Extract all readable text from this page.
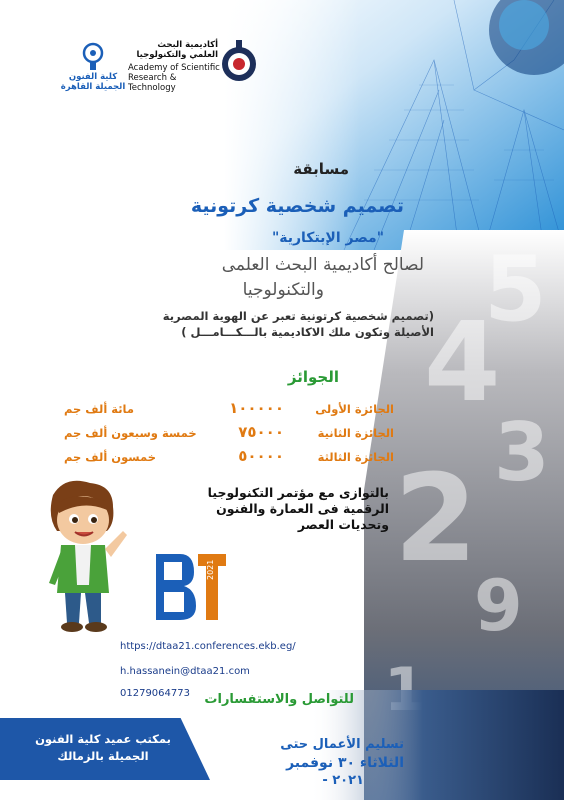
5
4
3
2
9
كلية الفنون الجميلة القاهرة
أكاديمية البحث العلمي والتكنولوجيا
Academy of Scientific
Research & Technology
مسابقة
تصميم شخصية كرتونية
"مصر الإبتكارية"
لصالح أكاديمية البحث العلمى
والتكنولوجيا
(تصميم شخصية كرتونية تعبر عن الهوية المصرية الأصيلة وتكون ملك الاكاديمية بالـــكـــامـــل )
الجوائز
الجائزة الأولى
١٠٠٠٠٠
مائة ألف جم
الجائزة الثانية
٧٥٠٠٠
خمسة وسبعون ألف جم
الجائزة الثالثة
٥٠٠٠٠
خمسون ألف جم
بالتوازى مع مؤتمر التكنولوجيا الرقمية فى العمارة والفنون وتحديات العصر
2021
https://dtaa21.conferences.ekb.eg/
h.hassanein@dtaa21.com
01279064773 للتواصل والاستفسارات
بمكتب عميد كلية الفنون الجميلة بالزمالك
تسليم الأعمال حتى
الثلاثاء ٣٠ نوفمبر
٢٠٢١ -
